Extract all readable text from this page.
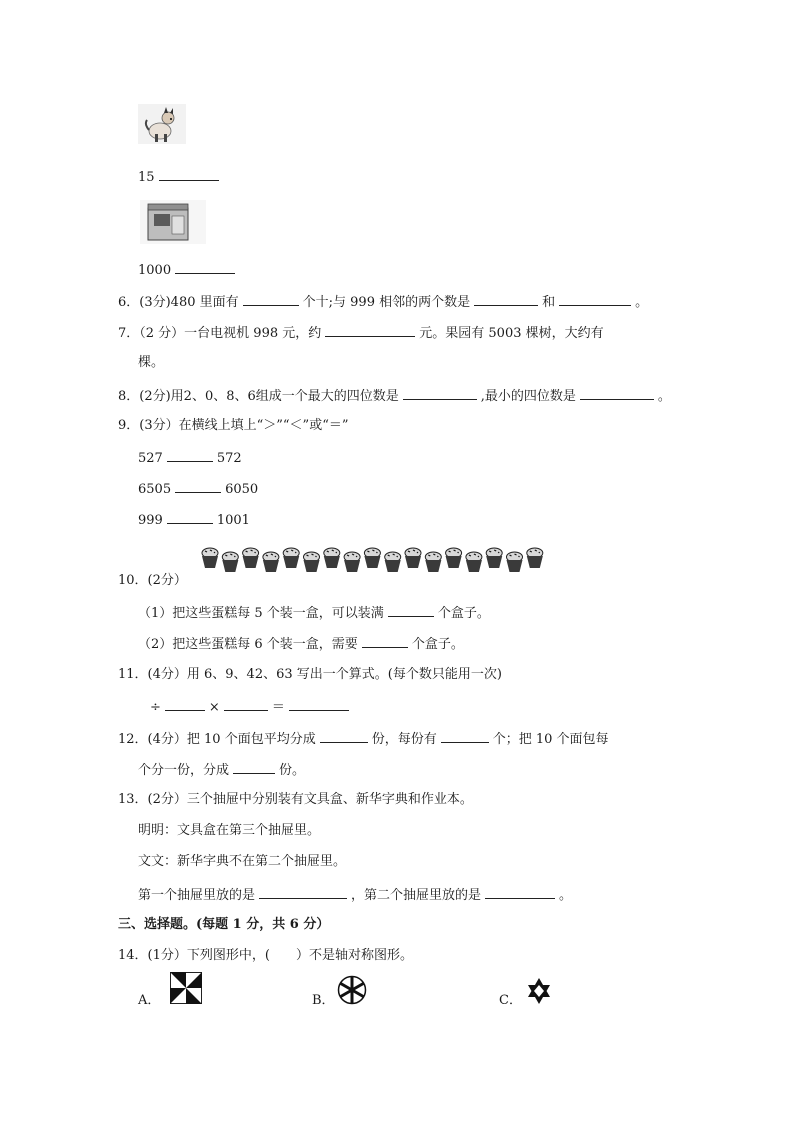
15
1000
6．(3分)480 里面有	个十;与 999 相邻的两个数是	和	。
7．（2 分）一台电视机 998 元，约	元。果园有 5003 棵树，大约有
棵。
8．(2分)用2、0、8、6组成一个最大的四位数是	,最小的四位数是	。
9．(3分）在横线上填上“＞”“＜”或“＝”
527	572
6505	6050
999	1001
10．(2分）
（1）把这些蛋糕每 5 个装一盒，可以装满	个盒子。
（2）把这些蛋糕每 6 个装一盒，需要	个盒子。
11．(4分）用 6、9、42、63 写出一个算式。(每个数只能用一次)
÷	×	＝
12．(4分）把 10 个面包平均分成	份，每份有	个；把 10 个面包每
个分一份，分成	份。
13．(2分）三个抽屉中分别装有文具盒、新华字典和作业本。
明明：文具盒在第三个抽屉里。
文文：新华字典不在第二个抽屉里。
第一个抽屉里放的是	，第二个抽屉里放的是	。
三、选择题。(每题 1 分，共 6 分）
14．(1分）下列图形中，(　　）不是轴对称图形。
A．	B．	C．
